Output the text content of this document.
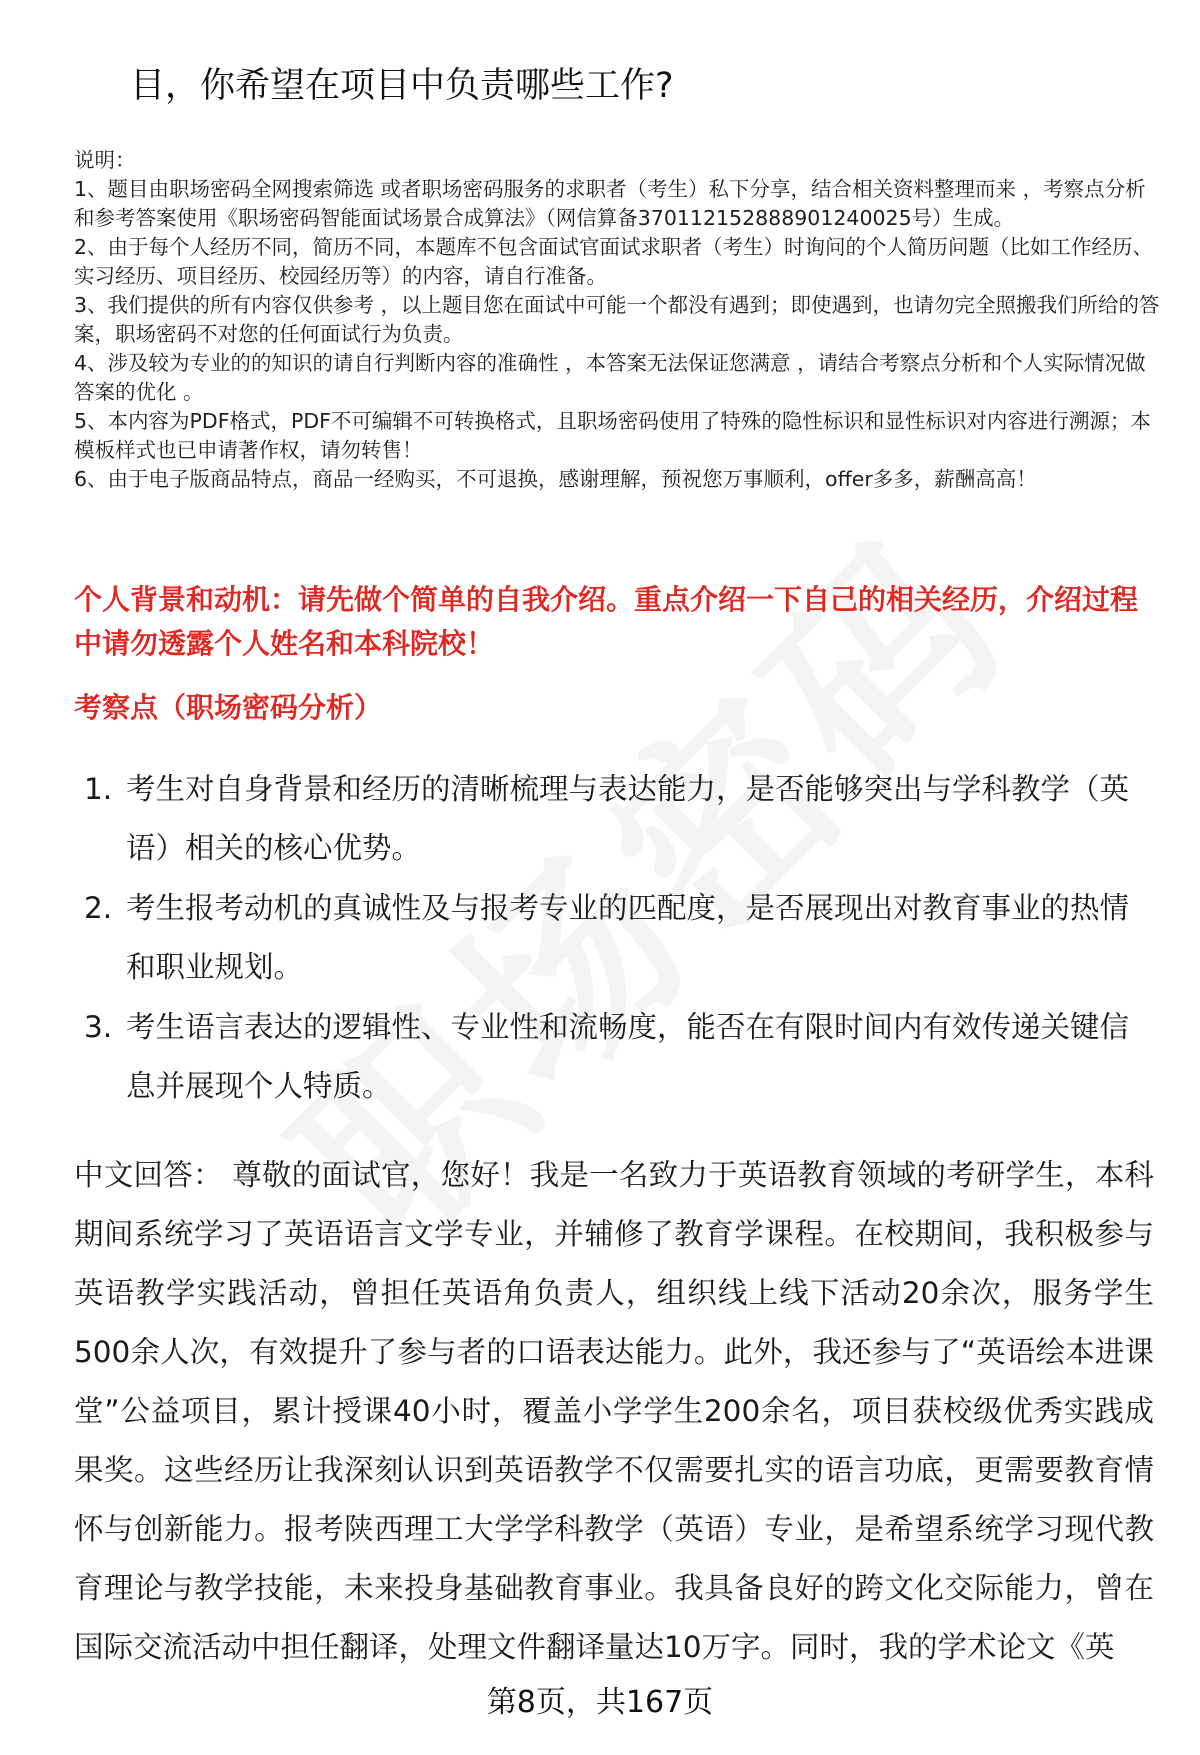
目，你希望在项目中负责哪些工作?
说明：
1、题目由职场密码全网搜索筛选 或者职场密码服务的求职者（考生）私下分享，结合相关资料整理而来 ，考察点分析和参考答案使用《职场密码智能面试场景合成算法》（网信算备370112152888901240025号）生成。
2、由于每个人经历不同，简历不同，本题库不包含面试官面试求职者（考生）时询问的个人简历问题（比如工作经历、实习经历、项目经历、校园经历等）的内容，请自行准备。
3、我们提供的所有内容仅供参考 ，以上题目您在面试中可能一个都没有遇到；即使遇到，也请勿完全照搬我们所给的答案，职场密码不对您的任何面试行为负责。
4、涉及较为专业的的知识的请自行判断内容的准确性 ，本答案无法保证您满意 ，请结合考察点分析和个人实际情况做答案的优化 。
5、本内容为PDF格式，PDF不可编辑不可转换格式，且职场密码使用了特殊的隐性标识和显性标识对内容进行溯源；本模板样式也已申请著作权，请勿转售！
6、由于电子版商品特点，商品一经购买，不可退换，感谢理解，预祝您万事顺利，offer多多，薪酬高高！
个人背景和动机：请先做个简单的自我介绍。重点介绍一下自己的相关经历，介绍过程中请勿透露个人姓名和本科院校！
考察点（职场密码分析）
1. 考生对自身背景和经历的清晰梳理与表达能力，是否能够突出与学科教学（英语）相关的核心优势。
2. 考生报考动机的真诚性及与报考专业的匹配度，是否展现出对教育事业的热情和职业规划。
3. 考生语言表达的逻辑性、专业性和流畅度，能否在有限时间内有效传递关键信息并展现个人特质。
中文回答： 尊敬的面试官，您好！我是一名致力于英语教育领域的考研学生，本科期间系统学习了英语语言文学专业，并辅修了教育学课程。在校期间，我积极参与英语教学实践活动，曾担任英语角负责人，组织线上线下活动20余次，服务学生500余人次，有效提升了参与者的口语表达能力。此外，我还参与了“英语绘本进课堂”公益项目，累计授课40小时，覆盖小学学生200余名，项目获校级优秀实践成果奖。这些经历让我深刻认识到英语教学不仅需要扎实的语言功底，更需要教育情怀与创新能力。报考陕西理工大学学科教学（英语）专业，是希望系统学习现代教育理论与教学技能，未来投身基础教育事业。我具备良好的跨文化交际能力，曾在国际交流活动中担任翻译，处理文件翻译量达10万字。同时，我的学术论文《英
第8页，共167页
